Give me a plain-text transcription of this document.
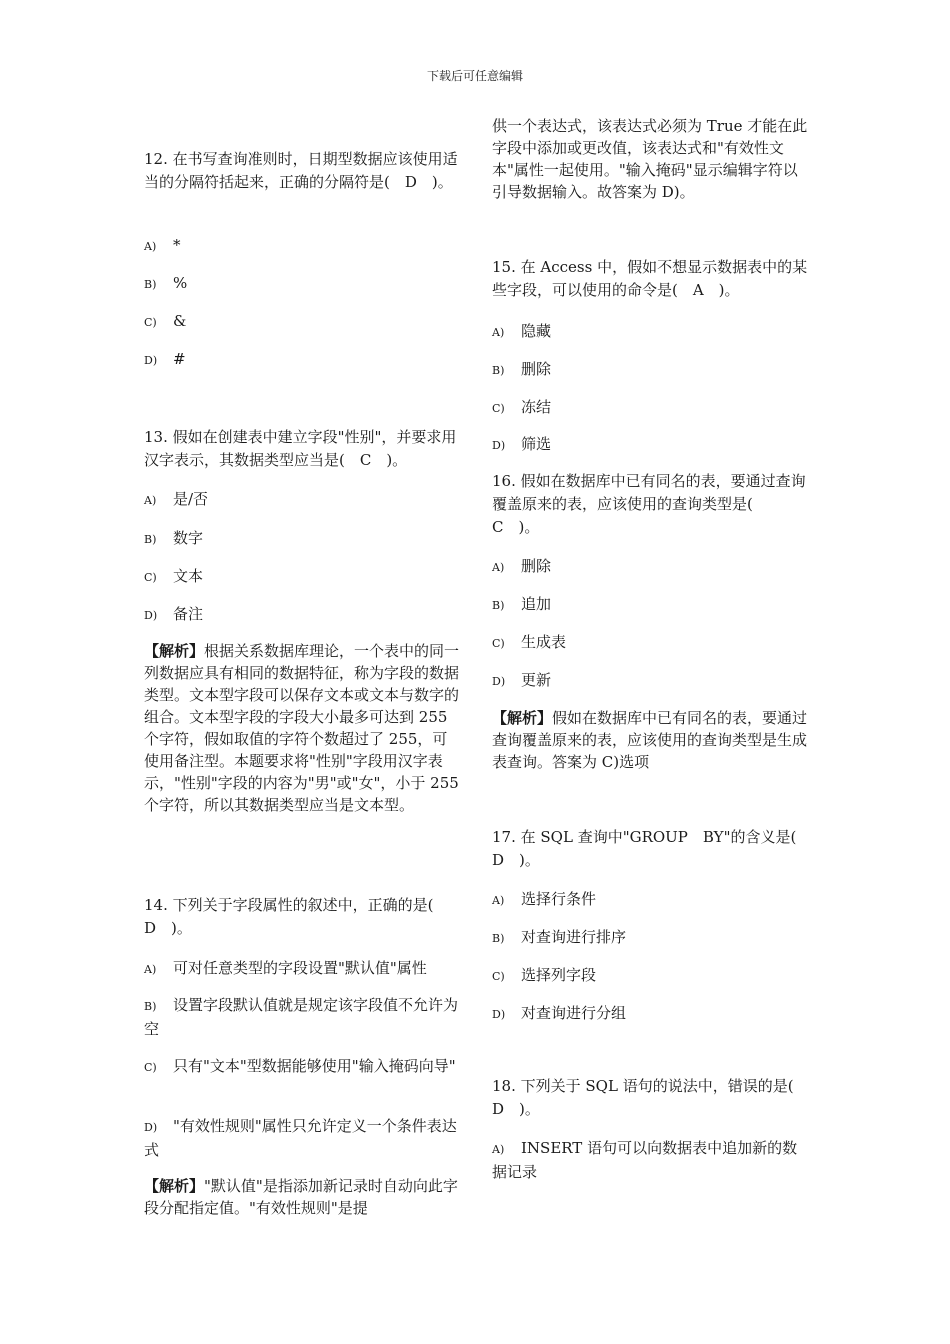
下载后可任意编辑
12. 在书写查询准则时，日期型数据应该使用适当的分隔符括起来，正确的分隔符是(　D　)。
A) *
B) %
C) &
D) #
13. 假如在创建表中建立字段"性别"，并要求用汉字表示，其数据类型应当是(　C　)。
A) 是/否
B) 数字
C) 文本
D) 备注
【解析】根据关系数据库理论，一个表中的同一列数据应具有相同的数据特征，称为字段的数据类型。文本型字段可以保存文本或文本与数字的组合。文本型字段的字段大小最多可达到 255 个字符，假如取值的字符个数超过了 255，可使用备注型。本题要求将"性别"字段用汉字表示，"性别"字段的内容为"男"或"女"，小于 255 个字符，所以其数据类型应当是文本型。
14. 下列关于字段属性的叙述中，正确的是(　D　)。
A) 可对任意类型的字段设置"默认值"属性
B) 设置字段默认值就是规定该字段值不允许为空
C) 只有"文本"型数据能够使用"输入掩码向导"
D) "有效性规则"属性只允许定义一个条件表达式
【解析】"默认值"是指添加新记录时自动向此字段分配指定值。"有效性规则"是提
供一个表达式，该表达式必须为 True 才能在此字段中添加或更改值，该表达式和"有效性文本"属性一起使用。"输入掩码"显示编辑字符以引导数据输入。故答案为 D)。
15. 在 Access 中，假如不想显示数据表中的某些字段，可以使用的命令是(　A　)。
A) 隐藏
B) 删除
C) 冻结
D) 筛选
16. 假如在数据库中已有同名的表，要通过查询覆盖原来的表，应该使用的查询类型是(　C　)。
A) 删除
B) 追加
C) 生成表
D) 更新
【解析】假如在数据库中已有同名的表，要通过查询覆盖原来的表，应该使用的查询类型是生成表查询。答案为 C)选项
17. 在 SQL 查询中"GROUP　BY"的含义是(　D　)。
A) 选择行条件
B) 对查询进行排序
C) 选择列字段
D) 对查询进行分组
18. 下列关于 SQL 语句的说法中，错误的是(　D　)。
A) INSERT 语句可以向数据表中追加新的数据记录
